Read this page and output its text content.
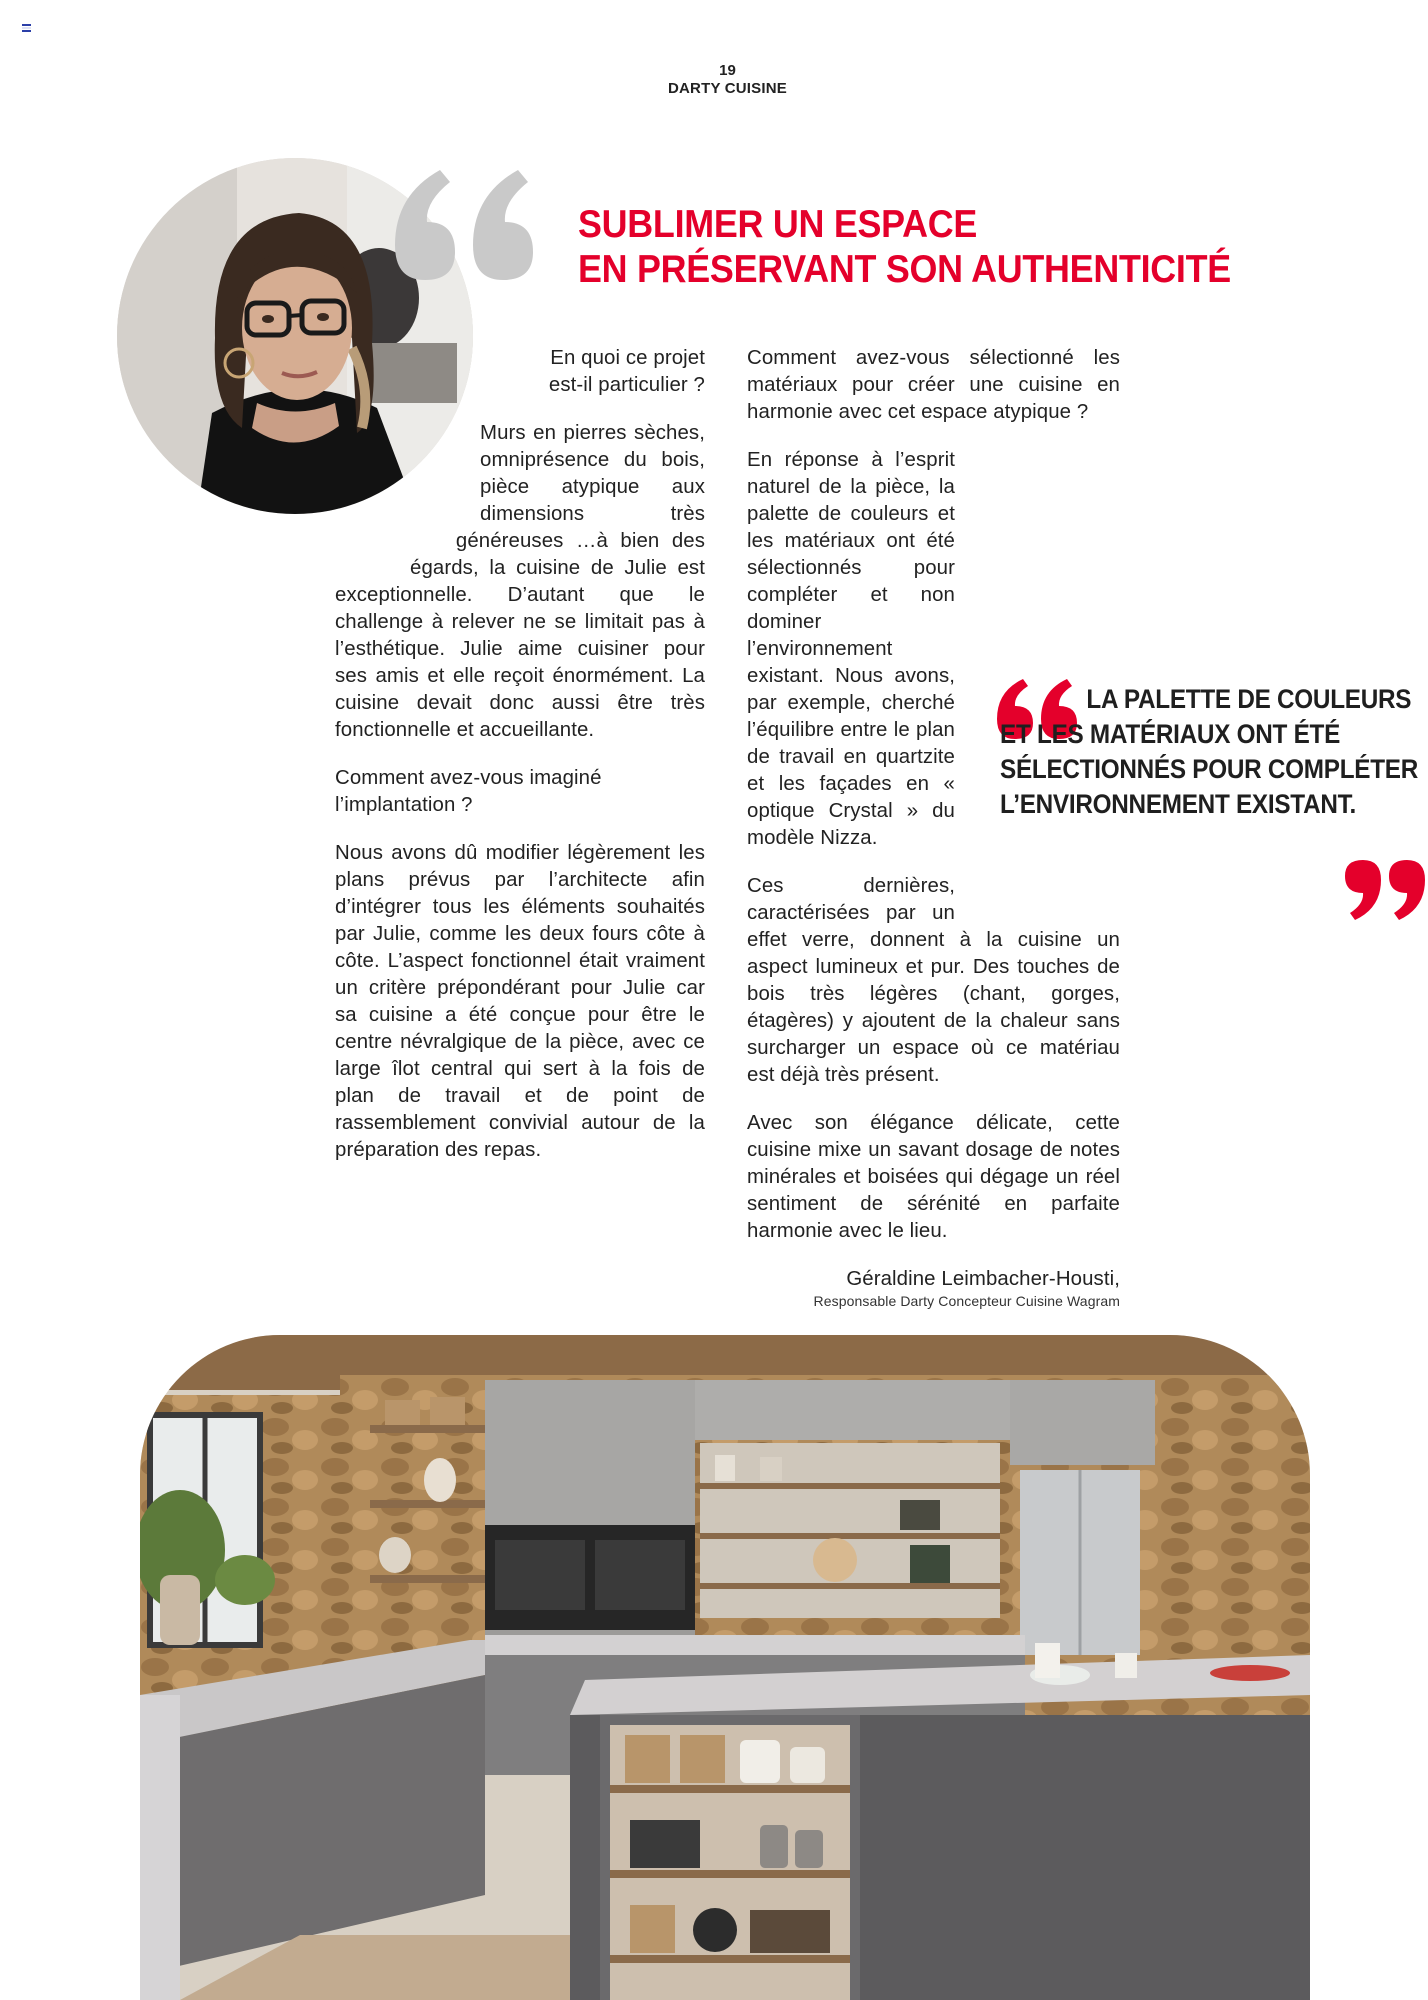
19
DARTY CUISINE
SUBLIMER UN ESPACE
EN PRÉSERVANT SON AUTHENTICITÉ

En quoi ce projet

est-il particulier ?

Murs en pierres sèches, omniprésence du bois, pièce atypique aux dimensions très généreuses …à bien des égards, la cuisine de Julie est exceptionnelle. D’autant que le challenge à relever ne se limitait pas à l’esthétique. Julie aime cuisiner pour ses amis et elle reçoit énormément. La cuisine devait donc aussi être très fonctionnelle et accueillante.

Comment avez-vous imaginé l’implantation ?

Nous avons dû modifier légèrement les plans prévus par l’architecte afin d’intégrer tous les éléments souhaités par Julie, comme les deux fours côte à côte. L’aspect fonctionnel était vraiment un critère prépondérant pour Julie car sa cuisine a été conçue pour être le centre névralgique de la pièce, avec ce large îlot central qui sert à la fois de plan de travail et de point de rassemblement convivial autour de la préparation des repas.

Comment avez-vous sélectionné les matériaux pour créer une cuisine en harmonie avec cet espace atypique ?

En réponse à l’esprit naturel de la pièce, la palette de couleurs et les matériaux ont été sélectionnés pour compléter et non dominer l’environnement existant. Nous avons, par exemple, cherché l’équilibre entre le plan de travail en quartzite et les façades en « optique Crystal » du modèle Nizza.

Ces dernières, caractérisées par un effet verre, donnent à la cuisine un aspect lumineux et pur. Des touches de bois très légères (chant, gorges, étagères) y ajoutent de la chaleur sans surcharger un espace où ce matériau est déjà très présent.

Avec son élégance délicate, cette cuisine mixe un savant dosage de notes minérales et boisées qui dégage un réel sentiment de sérénité en parfaite harmonie avec le lieu.

Géraldine Leimbacher-Housti,

Responsable Darty Concepteur Cuisine Wagram

LA PALETTE DE COULEURS
ET LES MATÉRIAUX ONT ÉTÉ
SÉLECTIONNÉS POUR COMPLÉTER
L’ENVIRONNEMENT EXISTANT.
